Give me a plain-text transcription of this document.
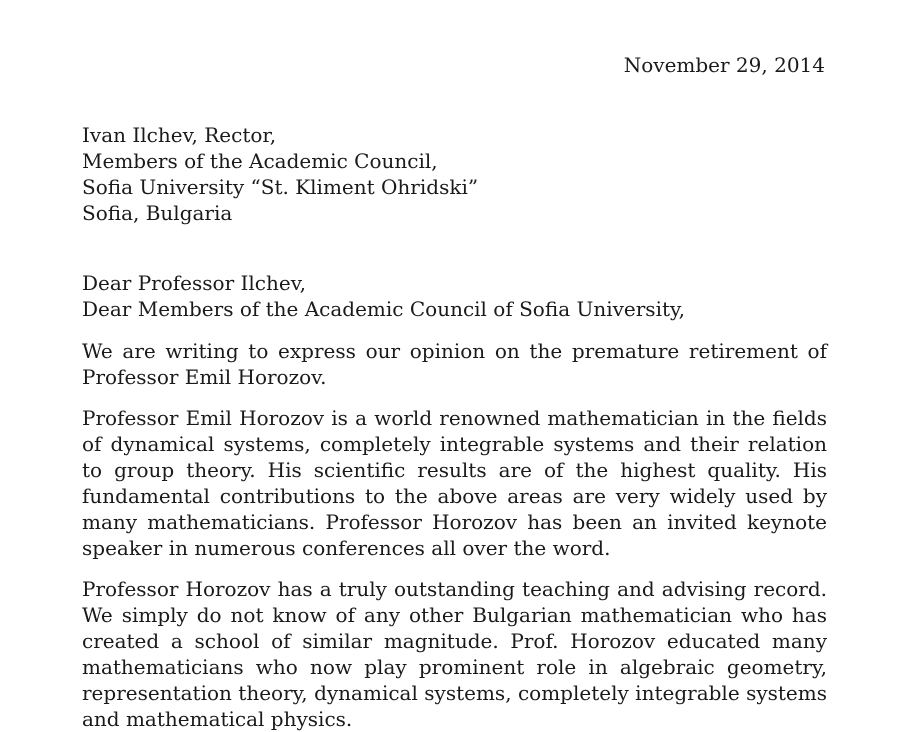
November 29, 2014
Ivan Ilchev, Rector,
Members of the Academic Council,
Sofia University “St. Kliment Ohridski”
Sofia, Bulgaria
Dear Professor Ilchev,
Dear Members of the Academic Council of Sofia University,

We are writing to express our opinion on the premature retirement of Professor Emil Horozov.

Professor Emil Horozov is a world renowned mathematician in the fields of dynamical systems, completely integrable systems and their relation to group theory. His scientific results are of the highest quality. His fundamental contributions to the above areas are very widely used by many mathematicians. Professor Horozov has been an invited keynote speaker in numerous conferences all over the word.

Professor Horozov has a truly outstanding teaching and advising record. We simply do not know of any other Bulgarian mathematician who has created a school of similar magnitude. Prof. Horozov educated many mathematicians who now play prominent role in algebraic geometry, representation theory, dynamical systems, completely integrable systems and mathematical physics.
